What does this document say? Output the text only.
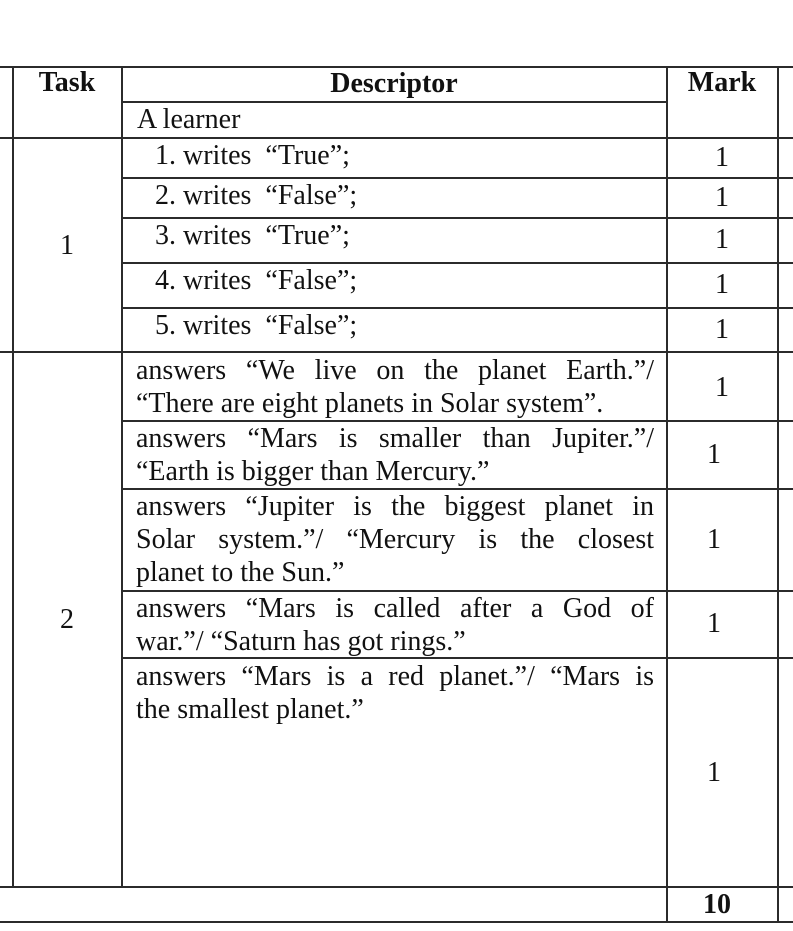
Task	Descriptor	Mark
A learner
1
1. writes  “True”;
2. writes  “False”;
3. writes  “True”;
4. writes  “False”;
5. writes  “False”;
1
1
1
1
1
2
answers “We live on the planet Earth.”/
“There are eight planets in Solar system”.
answers “Mars is smaller than Jupiter.”/
“Earth is bigger than Mercury.”
answers “Jupiter is the biggest planet in
Solar system.”/ “Mercury is the closest
planet to the Sun.”
answers “Mars is called after a God of
war.”/ “Saturn has got rings.”
answers “Mars is a red planet.”/ “Mars is
the smallest planet.”
1
1
1
1
1
10
